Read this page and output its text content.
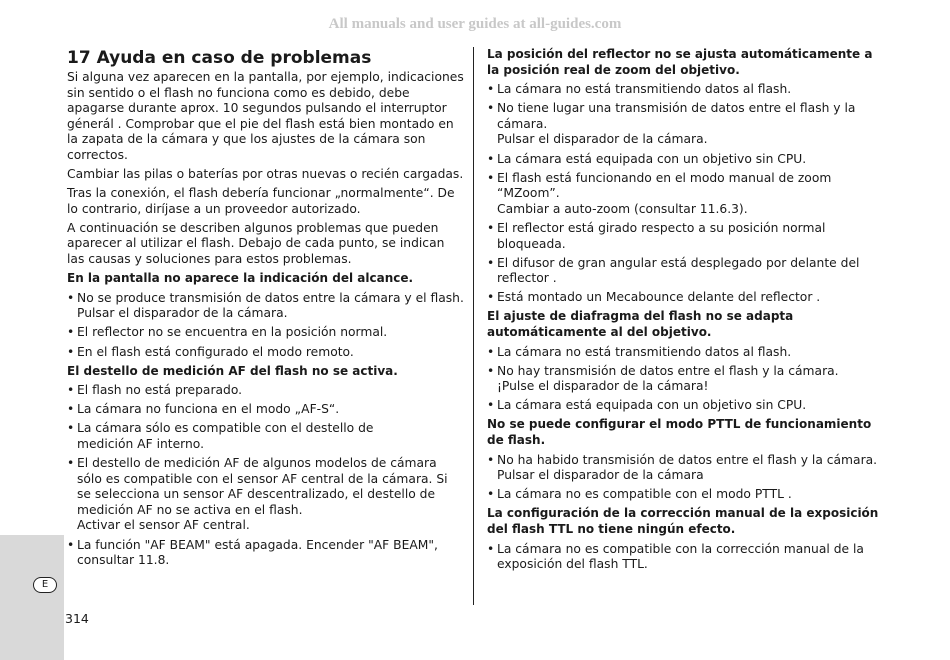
All manuals and user guides at all-guides.com
E
314
17 Ayuda en caso de problemas

Si alguna vez aparecen en la pantalla, por ejemplo, indicaciones sin sentido o el flash no funciona como es debido, debe apagarse durante aprox. 10 segundos pulsando el interruptor génerál . Comprobar que el pie del flash está bien montado en la zapata de la cámara y que los ajustes de la cámara son correctos.

Cambiar las pilas o baterías por otras nuevas o recién cargadas.

Tras la conexión, el flash debería funcionar „normalmente“. De lo contrario, diríjase a un proveedor autorizado.

A continuación se describen algunos problemas que pueden aparecer al utilizar el flash. Debajo de cada punto, se indican las causas y soluciones para estos problemas.

En la pantalla no aparece la indicación del alcance.

• No se produce transmisión de datos entre la cámara y el flash.
Pulsar el disparador de la cámara.
• El reflector no se encuentra en la posición normal.
• En el flash está configurado el modo remoto.

El destello de medición AF del flash no se activa.

• El flash no está preparado.
• La cámara no funciona en el modo „AF-S“.
• La cámara sólo es compatible con el destello de
medición AF interno.
• El destello de medición AF de algunos modelos de cámara sólo es compatible con el sensor AF central de la cámara. Si se selecciona un sensor AF descentralizado, el destello de medición AF no se activa en el flash.
Activar el sensor AF central.
• La función "AF BEAM" está apagada. Encender "AF BEAM", consultar 11.8.

La posición del reflector no se ajusta automáticamente a la posición real de zoom del objetivo.

• La cámara no está transmitiendo datos al flash.
• No tiene lugar una transmisión de datos entre el flash y la cámara.
Pulsar el disparador de la cámara.
• La cámara está equipada con un objetivo sin CPU.
• El flash está funcionando en el modo manual de zoom “MZoom”.
Cambiar a auto-zoom (consultar 11.6.3).
• El reflector está girado respecto a su posición normal bloqueada.
• El difusor de gran angular está desplegado por delante del reflector .
• Está montado un Mecabounce delante del reflector .

El ajuste de diafragma del flash no se adapta automáticamente al del objetivo.

• La cámara no está transmitiendo datos al flash.
• No hay transmisión de datos entre el flash y la cámara.
¡Pulse el disparador de la cámara!
• La cámara está equipada con un objetivo sin CPU.

No se puede configurar el modo PTTL de funcionamiento de flash.

• No ha habido transmisión de datos entre el flash y la cámara.
Pulsar el disparador de la cámara
• La cámara no es compatible con el modo PTTL .

La configuración de la corrección manual de la exposición del flash TTL no tiene ningún efecto.

• La cámara no es compatible con la corrección manual de la exposición del flash TTL.
